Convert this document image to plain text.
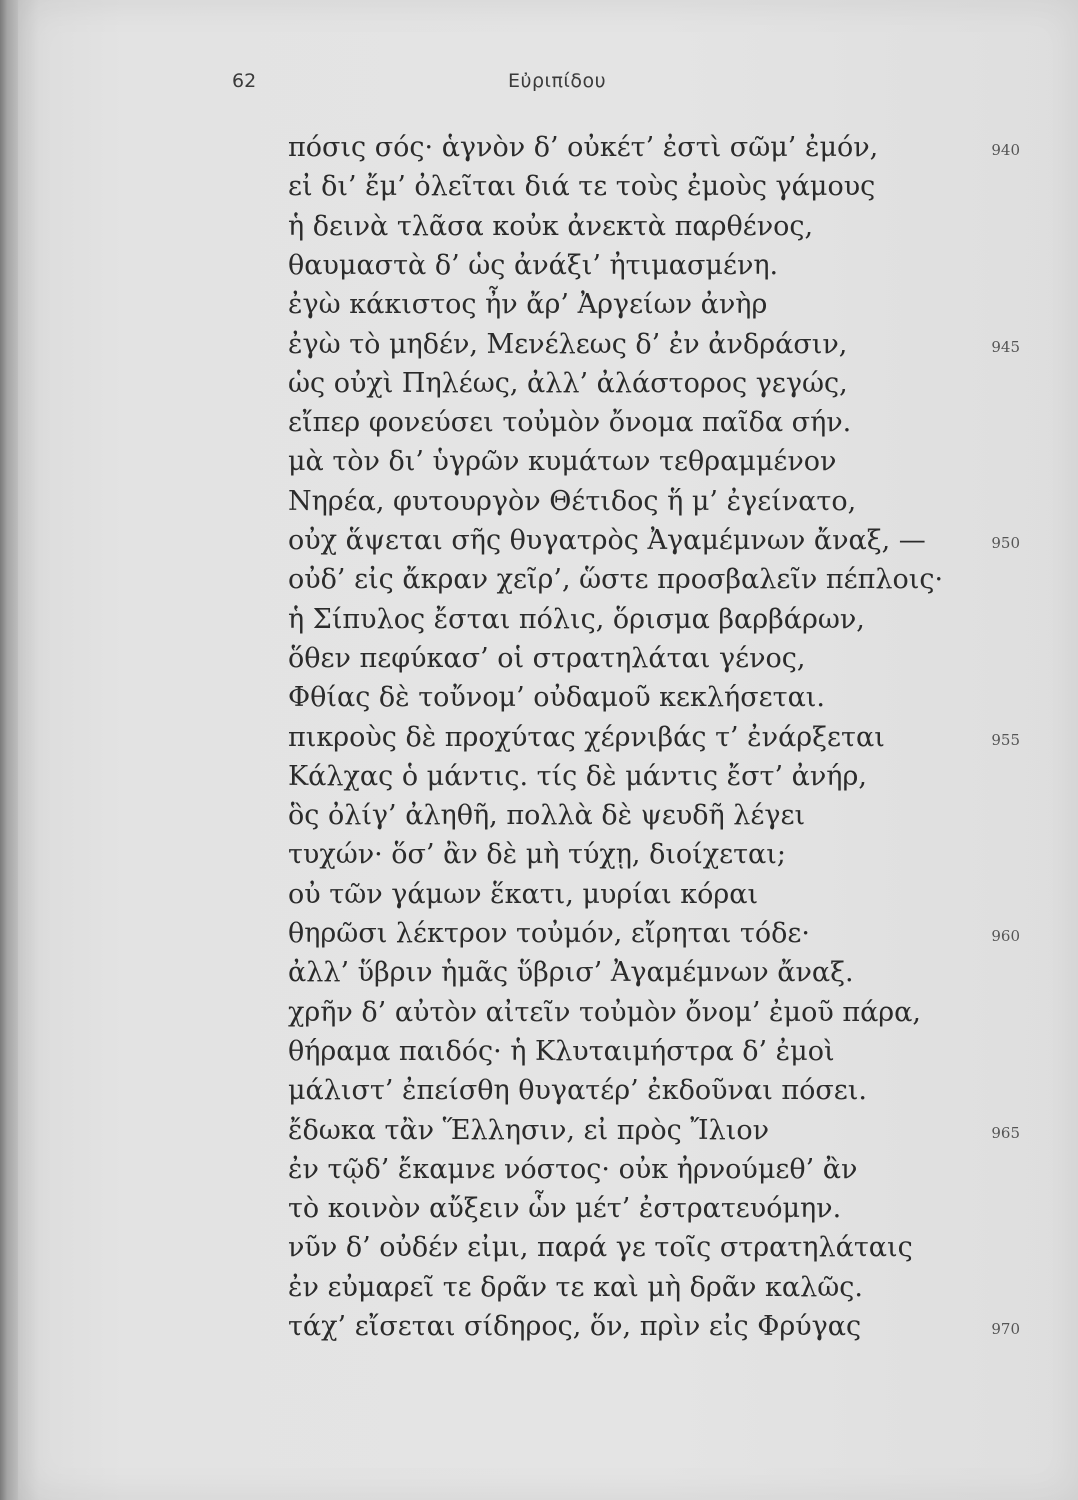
62	Εὐριπίδου
πόσις σός· ἁγνὸν δ’ οὐκέτ’ ἐστὶ σῶμ’ ἐμόν,
εἰ δι’ ἔμ’ ὀλεῖται διά τε τοὺς ἐμοὺς γάμους
ἡ δεινὰ τλᾶσα κοὐκ ἀνεκτὰ παρθένος,
θαυμαστὰ δ’ ὡς ἀνάξι’ ἠτιμασμένη.
ἐγὼ κάκιστος ἦν ἄρ’ Ἀργείων ἀνὴρ
ἐγὼ τὸ μηδέν, Μενέλεως δ’ ἐν ἀνδράσιν,
ὡς οὐχὶ Πηλέως, ἀλλ’ ἀλάστορος γεγώς,
εἴπερ φονεύσει τοὐμὸν ὄνομα παῖδα σήν.
μὰ τὸν δι’ ὑγρῶν κυμάτων τεθραμμένον
Νηρέα, φυτουργὸν Θέτιδος ἥ μ’ ἐγείνατο,
οὐχ ἅψεται σῆς θυγατρὸς Ἀγαμέμνων ἄναξ, —
οὐδ’ εἰς ἄκραν χεῖρ’, ὥστε προσβαλεῖν πέπλοις·
ἡ Σίπυλος ἔσται πόλις, ὅρισμα βαρβάρων,
ὅθεν πεφύκασ’ οἱ στρατηλάται γένος,
Φθίας δὲ τοὔνομ’ οὐδαμοῦ κεκλήσεται.
πικροὺς δὲ προχύτας χέρνιβάς τ’ ἐνάρξεται
Κάλχας ὁ μάντις. τίς δὲ μάντις ἔστ’ ἀνήρ,
ὃς ὀλίγ’ ἀληθῆ, πολλὰ δὲ ψευδῆ λέγει
τυχών· ὅσ’ ἂν δὲ μὴ τύχῃ, διοίχεται;
οὐ τῶν γάμων ἕκατι, μυρίαι κόραι
θηρῶσι λέκτρον τοὐμόν, εἴρηται τόδε·
ἀλλ’ ὕβριν ἡμᾶς ὕβρισ’ Ἀγαμέμνων ἄναξ.
χρῆν δ’ αὐτὸν αἰτεῖν τοὐμὸν ὄνομ’ ἐμοῦ πάρα,
θήραμα παιδός· ἡ Κλυταιμήστρα δ’ ἐμοὶ
μάλιστ’ ἐπείσθη θυγατέρ’ ἐκδοῦναι πόσει.
ἔδωκα τἂν Ἕλλησιν, εἰ πρὸς Ἴλιον
ἐν τῷδ’ ἔκαμνε νόστος· οὐκ ἠρνούμεθ’ ἂν
τὸ κοινὸν αὔξειν ὧν μέτ’ ἐστρατευόμην.
νῦν δ’ οὐδέν εἰμι, παρά γε τοῖς στρατηλάταις
ἐν εὐμαρεῖ τε δρᾶν τε καὶ μὴ δρᾶν καλῶς.
τάχ’ εἴσεται σίδηρος, ὅν, πρὶν εἰς Φρύγας
940
945
950
955
960
965
970
